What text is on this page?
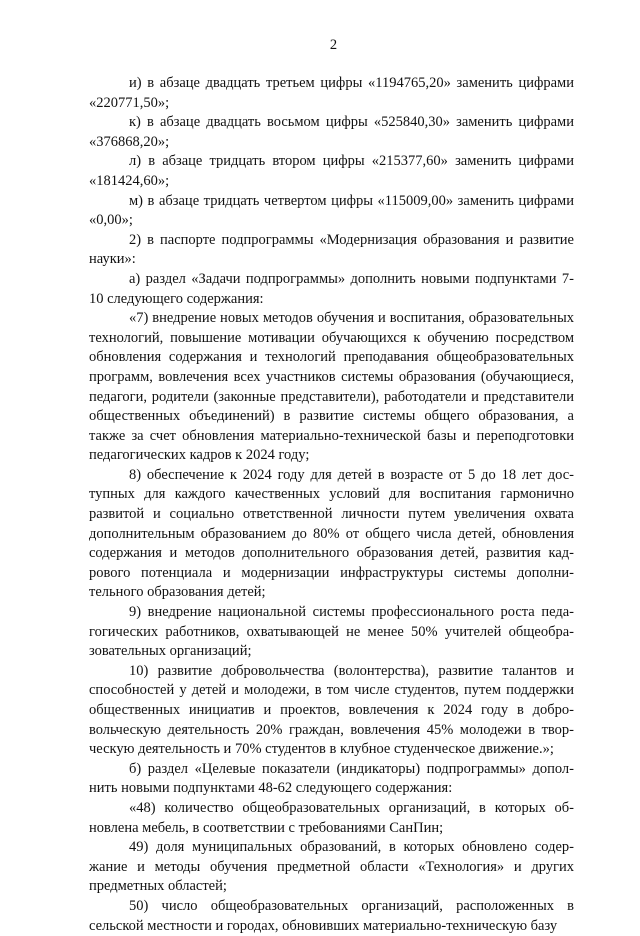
2

и) в абзаце двадцать третьем цифры «1194765,20» заменить цифрами «220771,50»;

к) в абзаце двадцать восьмом цифры «525840,30» заменить цифрами «376868,20»;

л) в абзаце тридцать втором цифры «215377,60» заменить цифрами «181424,60»;

м) в абзаце тридцать четвертом цифры «115009,00» заменить цифрами «0,00»;

2) в паспорте подпрограммы «Модернизация образования и развитие науки»:

а) раздел «Задачи подпрограммы» дополнить новыми подпунктами 7-10 следующего содержания:

«7) внедрение новых методов обучения и воспитания, образовательных технологий, повышение мотивации обучающихся к обучению посредством обновления содержания и технологий преподавания общеобразовательных программ, вовлечения всех участников системы образования (обучающиеся, педагоги, родители (законные представители), работодатели и представители общественных объединений) в развитие системы общего образования, а также за счет обновления материально-технической базы и переподготовки педагогических кадров к 2024 году;

8) обеспечение к 2024 году для детей в возрасте от 5 до 18 лет доступных для каждого качественных условий для воспитания гармонично развитой и социально ответственной личности путем увеличения охвата дополнительным образованием до 80% от общего числа детей, обновления содержания и методов дополнительного образования детей, развития кадрового потенциала и модернизации инфраструктуры системы дополнительного образования детей;

9) внедрение национальной системы профессионального роста педагогических работников, охватывающей не менее 50% учителей общеобразовательных организаций;

10) развитие добровольчества (волонтерства), развитие талантов и способностей у детей и молодежи, в том числе студентов, путем поддержки общественных инициатив и проектов, вовлечения к 2024 году в добровольческую деятельность 20% граждан, вовлечения 45% молодежи в творческую деятельность и 70% студентов в клубное студенческое движение.»;

б) раздел «Целевые показатели (индикаторы) подпрограммы» дополнить новыми подпунктами 48-62 следующего содержания:

«48) количество общеобразовательных организаций, в которых обновлена мебель, в соответствии с требованиями СанПин;

49) доля муниципальных образований, в которых обновлено содержание и методы обучения предметной области «Технология» и других предметных областей;

50) число общеобразовательных организаций, расположенных в сельской местности и городах, обновивших материально-техническую базу
